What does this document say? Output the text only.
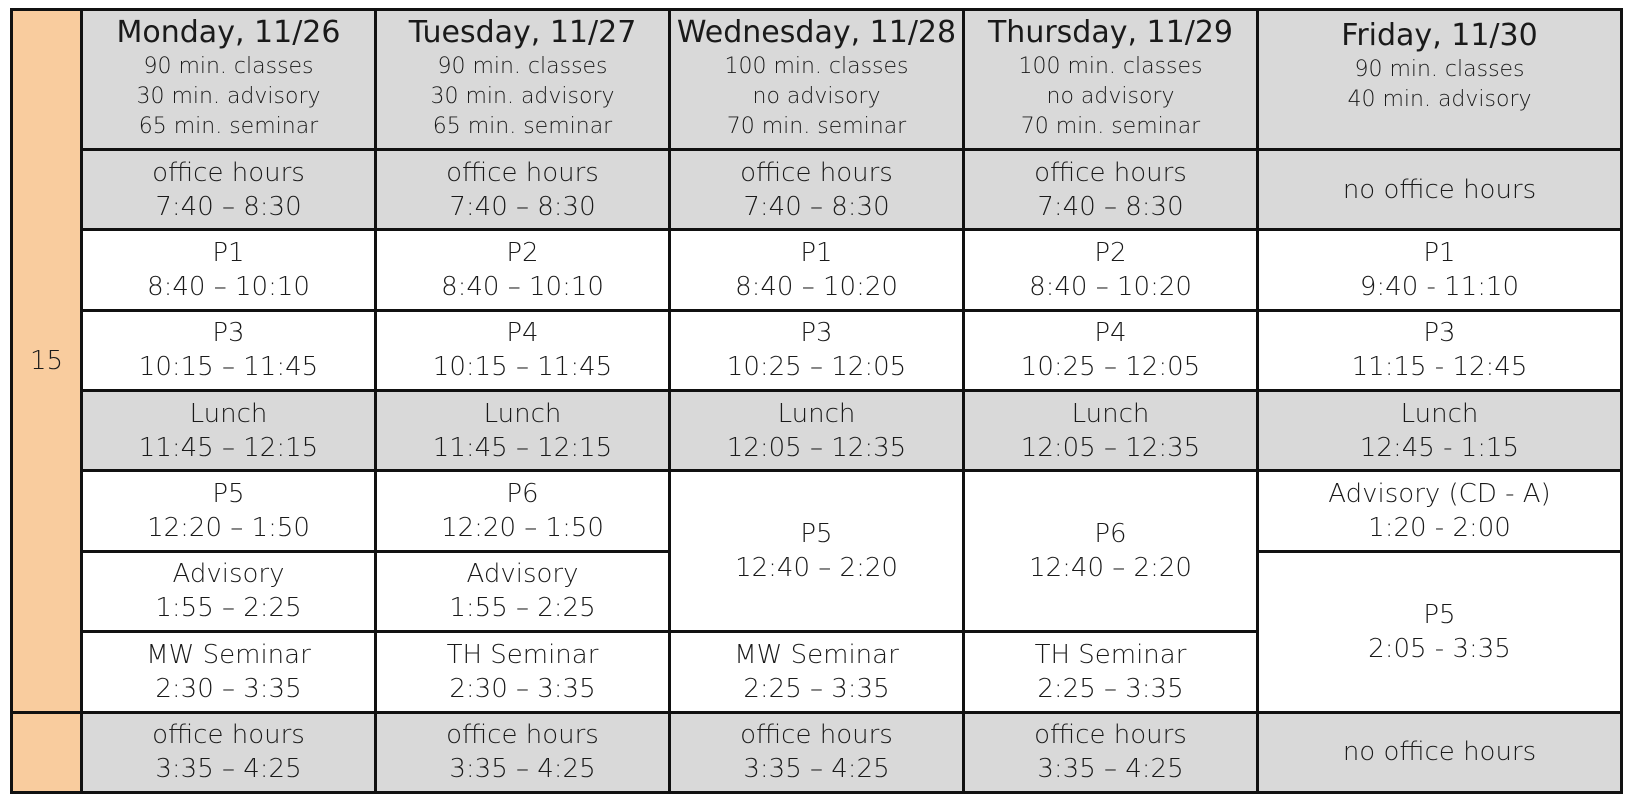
15	Monday, 11/26
90 min. classes
30 min. advisory
65 min. seminar	Tuesday, 11/27
90 min. classes
30 min. advisory
65 min. seminar	Wednesday, 11/28
100 min. classes
no advisory
70 min. seminar	Thursday, 11/29
100 min. classes
no advisory
70 min. seminar	Friday, 11/30
90 min. classes
40 min. advisory

	office hours
7:40 – 8:30	office hours
7:40 – 8:30	office hours
7:40 – 8:30	office hours
7:40 – 8:30	no office hours

	P1
8:40 – 10:10	P2
8:40 – 10:10	P1
8:40 – 10:20	P2
8:40 – 10:20	P1
9:40 - 11:10

	P3
10:15 – 11:45	P4
10:15 – 11:45	P3
10:25 – 12:05	P4
10:25 – 12:05	P3
11:15 - 12:45

	Lunch
11:45 – 12:15	Lunch
11:45 – 12:15	Lunch
12:05 – 12:35	Lunch
12:05 – 12:35	Lunch
12:45 - 1:15

	P5
12:20 – 1:50	P6
12:20 – 1:50	P5
12:40 – 2:20	P6
12:40 – 2:20	Advisory (CD - A)
1:20 - 2:00

	Advisory
1:55 – 2:25	Advisory
1:55 – 2:25			P5
2:05 - 3:35

	MW Seminar
2:30 – 3:35	TH Seminar
2:30 – 3:35	MW Seminar
2:25 – 3:35	TH Seminar
2:25 – 3:35	

	office hours
3:35 – 4:25	office hours
3:35 – 4:25	office hours
3:35 – 4:25	office hours
3:35 – 4:25	no office hours
